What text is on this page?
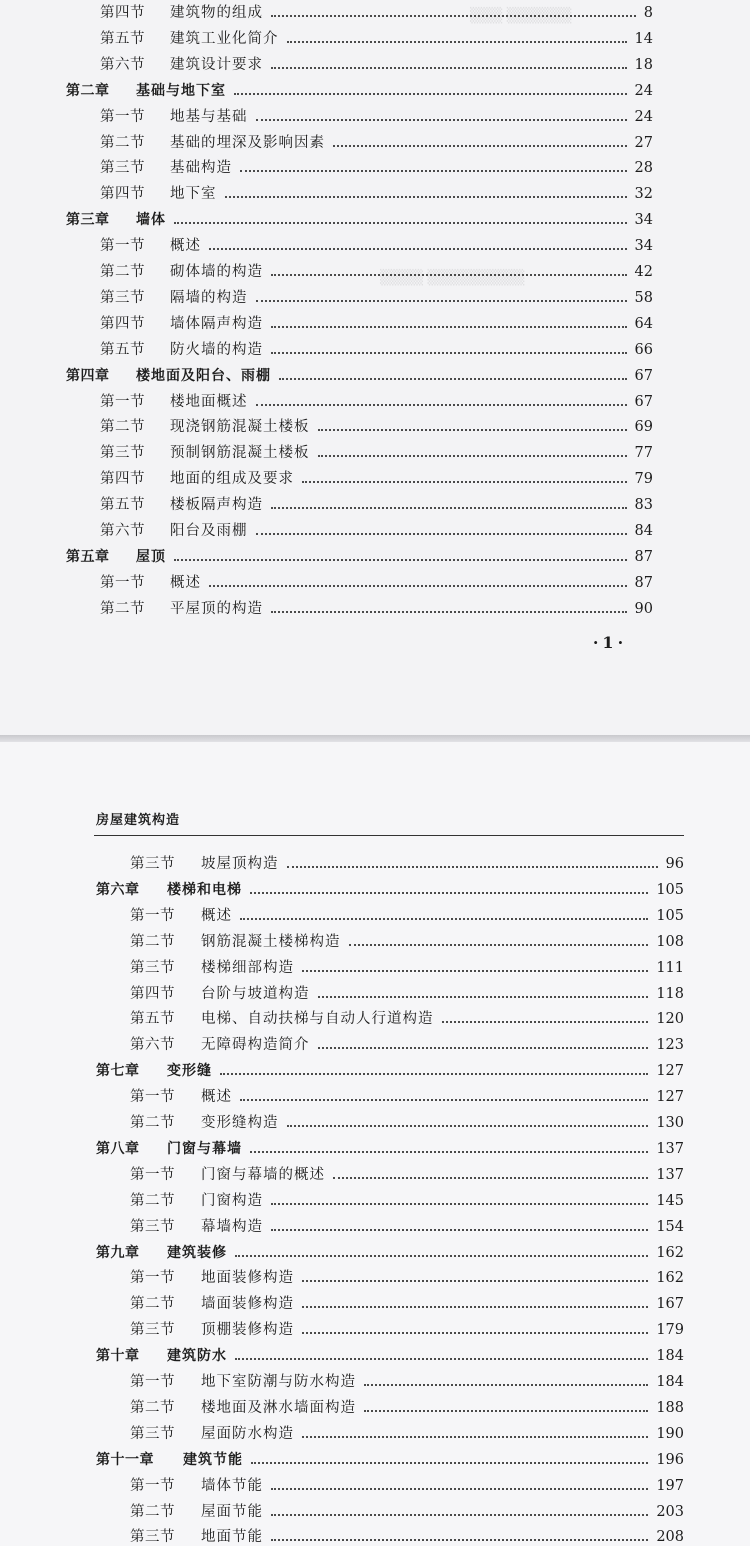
▒▒▒ ▒▒▒▒▒▒
▒▒▒▒ ▒▒▒▒▒▒▒▒▒
第四节 建筑物的组成	8
第五节 建筑工业化简介	14
第六节 建筑设计要求	18
第二章 基础与地下室	24
第一节 地基与基础	24
第二节 基础的埋深及影响因素	27
第三节 基础构造	28
第四节 地下室	32
第三章 墙体	34
第一节 概述	34
第二节 砌体墙的构造	42
第三节 隔墙的构造	58
第四节 墙体隔声构造	64
第五节 防火墙的构造	66
第四章 楼地面及阳台、雨棚	67
第一节 楼地面概述	67
第二节 现浇钢筋混凝土楼板	69
第三节 预制钢筋混凝土楼板	77
第四节 地面的组成及要求	79
第五节 楼板隔声构造	83
第六节 阳台及雨棚	84
第五章 屋顶	87
第一节 概述	87
第二节 平屋顶的构造	90
·1·
房屋建筑构造
第三节 坡屋顶构造	96
第六章 楼梯和电梯	105
第一节 概述	105
第二节 钢筋混凝土楼梯构造	108
第三节 楼梯细部构造	111
第四节 台阶与坡道构造	118
第五节 电梯、自动扶梯与自动人行道构造	120
第六节 无障碍构造简介	123
第七章 变形缝	127
第一节 概述	127
第二节 变形缝构造	130
第八章 门窗与幕墙	137
第一节 门窗与幕墙的概述	137
第二节 门窗构造	145
第三节 幕墙构造	154
第九章 建筑装修	162
第一节 地面装修构造	162
第二节 墙面装修构造	167
第三节 顶棚装修构造	179
第十章 建筑防水	184
第一节 地下室防潮与防水构造	184
第二节 楼地面及淋水墙面构造	188
第三节 屋面防水构造	190
第十一章 建筑节能	196
第一节 墙体节能	197
第二节 屋面节能	203
第三节 地面节能	208
